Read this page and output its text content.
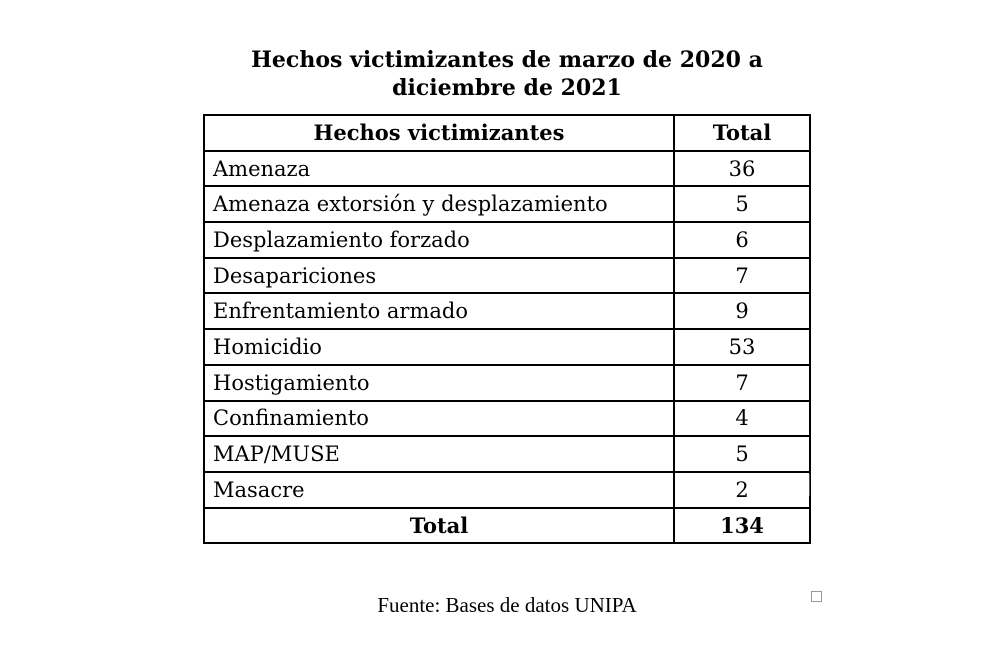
Hechos victimizantes de marzo de 2020 a
diciembre de 2021
Hechos victimizantes	Total
Amenaza	36
Amenaza extorsión y desplazamiento	5
Desplazamiento forzado	6
Desapariciones	7
Enfrentamiento armado	9
Homicidio	53
Hostigamiento	7
Confinamiento	4
MAP/MUSE	5
Masacre	2
Total	134

Fuente: Bases de datos UNIPA
